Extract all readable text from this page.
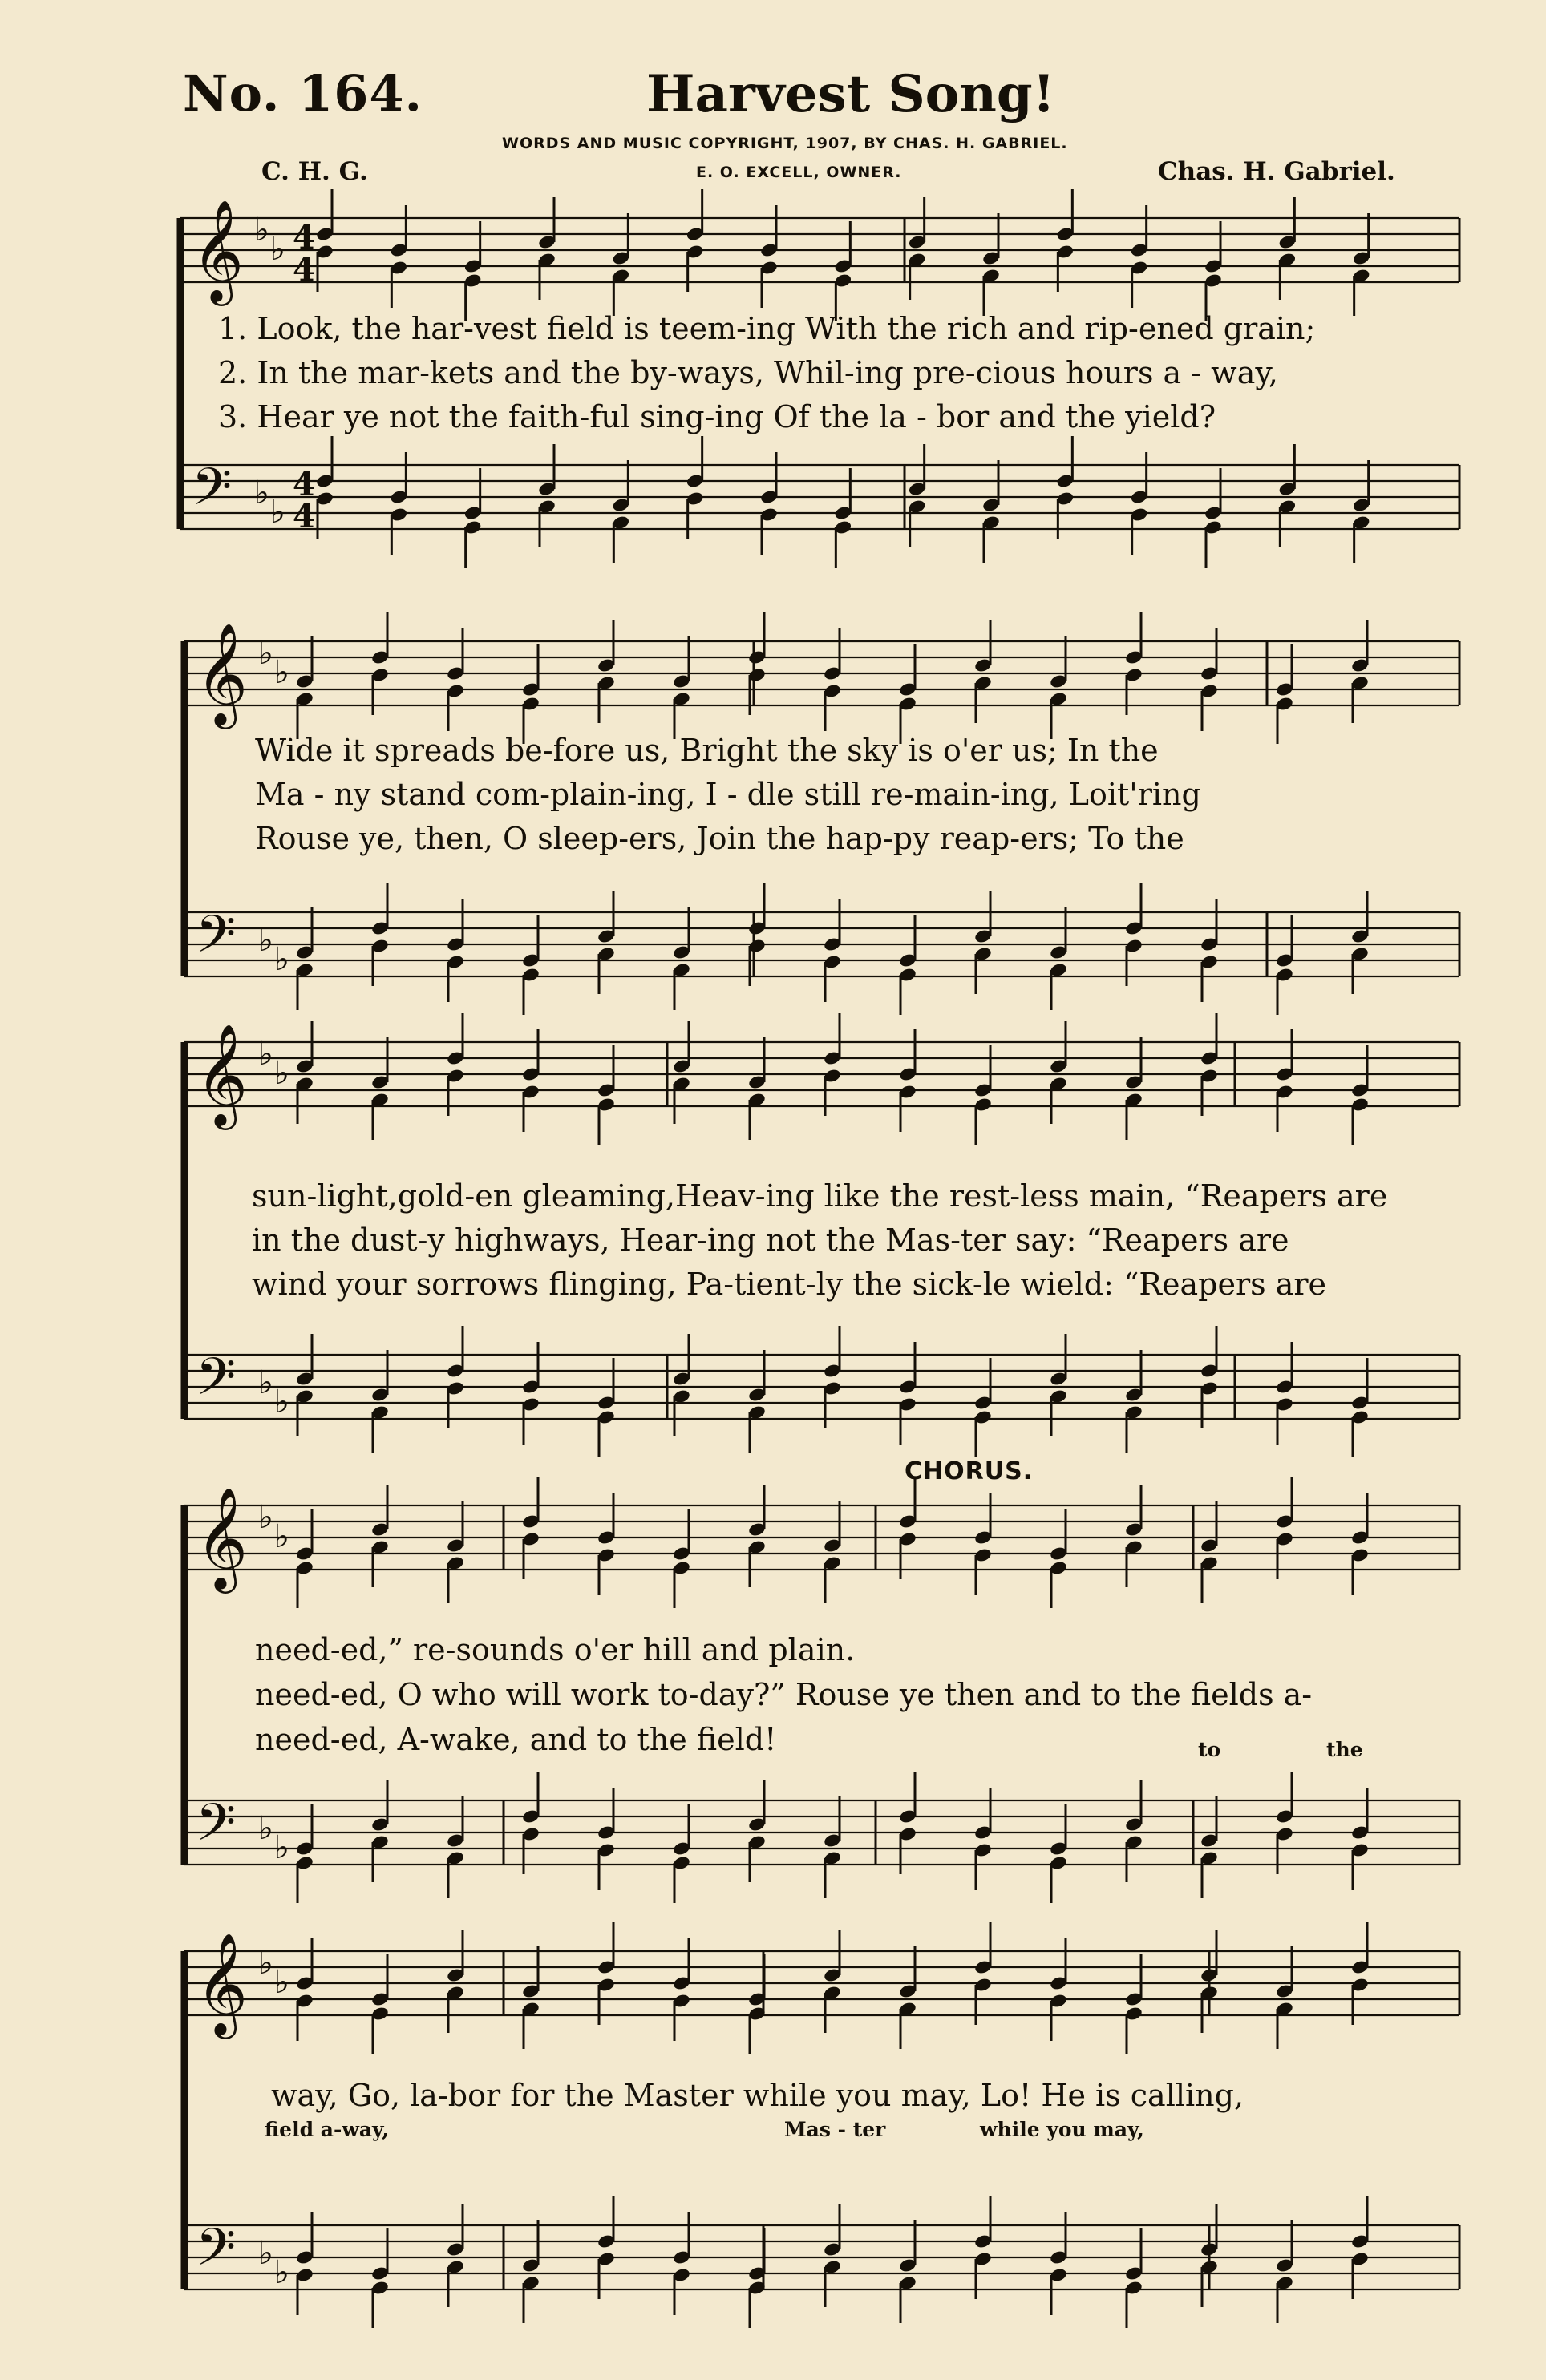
No. 164.	Harvest Song!
WORDS AND MUSIC COPYRIGHT, 1907, BY CHAS. H. GABRIEL.
E. O. EXCELL, OWNER.
C. H. G.	Chas. H. Gabriel.
𝄞 ♭
♭ 4
4
𝄢 ♭
♭
4
4
𝄞 ♭
♭
𝄢 ♭
♭
𝄞 ♭
♭
𝄢 ♭
♭
𝄞 ♭
♭
𝄢 ♭
♭
𝄞 ♭
♭
𝄢 ♭
♭
1. Look, the har-vest field is teem-ing With the rich and rip-ened grain;
2. In the mar-kets and the by-ways, Whil-ing pre-cious hours a - way,
3. Hear ye not the faith-ful sing-ing Of the la - bor and the yield?
Wide it spreads be-fore us, Bright the sky is o'er us; In the
Ma - ny stand com-plain-ing, I - dle still re-main-ing, Loit'ring
Rouse ye, then, O sleep-ers, Join the hap-py reap-ers; To the
sun-light,gold-en gleaming,Heav-ing like the rest-less main, “Reapers are
in the dust-y highways, Hear-ing not the Mas-ter say: “Reapers are
wind your sorrows flinging, Pa-tient-ly the sick-le wield: “Reapers are
CHORUS.
need-ed,” re-sounds o'er hill and plain.
need-ed, O who will work to-day?” Rouse ye then and to the fields a-
need-ed, A-wake, and to the field!	to	the
way, Go, la-bor for the Master while you may, Lo! He is calling,
field a-way,	Mas - ter	while you may,
